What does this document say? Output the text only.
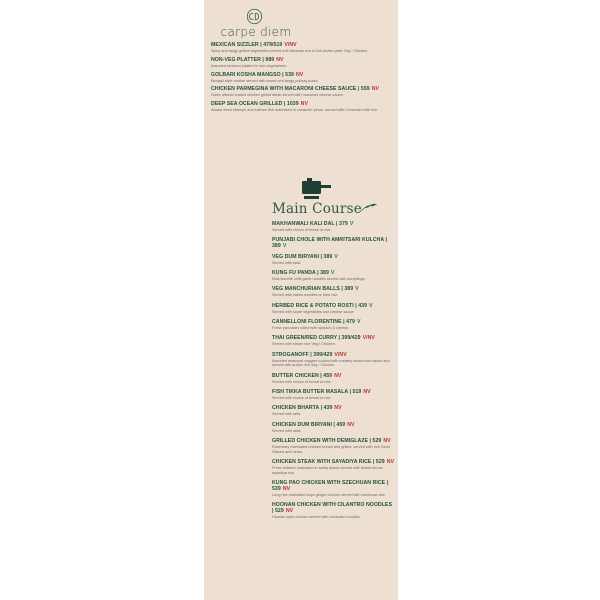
carpe diem
MEXICAN SIZZLER | 479/519 V/NV
Spicy and tangy grilled vegetables served with Mexican rice in hot sizzler plate Veg / Chicken.
NON-VEG PLATTER | 989 NV
Assorted tandoori platter for non-vegetarians.
GOLBARI KOSHA MANGSO | 539 NV
Bengali style mutton served with sweet and tangy polloay pulao.
CHICKEN PARMEGINA WITH MACARONI CHEESE SAUCE | 559 NV
Garlic alfredo coated chicken grilled steak served with macaroni cheese sauce.
DEEP SEA OCEAN GRILLED | 1039 NV
Alaska fresh shrimps and salmon fish marinated in coriander pesto, served with Coriander with rice.
Main Course
MAKHANWALI KALI DAL | 379 V
Served with choice of bread or rice.
PUNJABI CHOLE WITH AMRITSARI KULCHA | 389 V
VEG DUM BIRYANI | 389 V
Served with raita.
KUNG FU PANDA | 389 V
Kids favorite chilli garlic noodles served with dumplings.
VEG MANCHURIAN BALLS | 389 V
Served with hakka noodles or fried rice.
HERBED RICE & POTATO ROSTI | 439 V
Served with sauté vegetables and cheese sauce.
CANNELLONI FLORENTINE | 479 V
Fresh pancakes rolled with spinach & cheese.
THAI GREEN/RED CURRY | 399/429 V/NV
Served with steam rice Veg / Chicken.
STROGANOFF | 399/429 V/NV
Assorted seasonal veggies cooked with creamy mushroom sauce and served with arabic rice Veg / Chicken.
BUTTER CHICKEN | 459 NV
Served with choice of bread or rice.
FISH TIKKA BUTTER MASALA | 519 NV
Served with choice of bread or rice.
CHICKEN BHARTA | 439 NV
Served with raita.
CHICKEN DUM BIRYANI | 459 NV
Served with raita.
GRILLED CHICKEN WITH DEMIGLAZE | 529 NV
Rosemary marinated chicken breast and grilled, served with rich Demi Glazed and herbs.
CHICKEN STEAK WITH SAYADIYA RICE | 529 NV
Fresh chicken marinated in sadiq spices served with Arabic lemon sayadiya rice.
KUNG PAO CHICKEN WITH SZECHUAN RICE | 539 NV
Long rice marinated soya ginger chicken served with szechuan rice.
HOONAN CHICKEN WITH CILANTRO NOODLES | 529 NV
Hoonan style chicken served with coriander noodles.
